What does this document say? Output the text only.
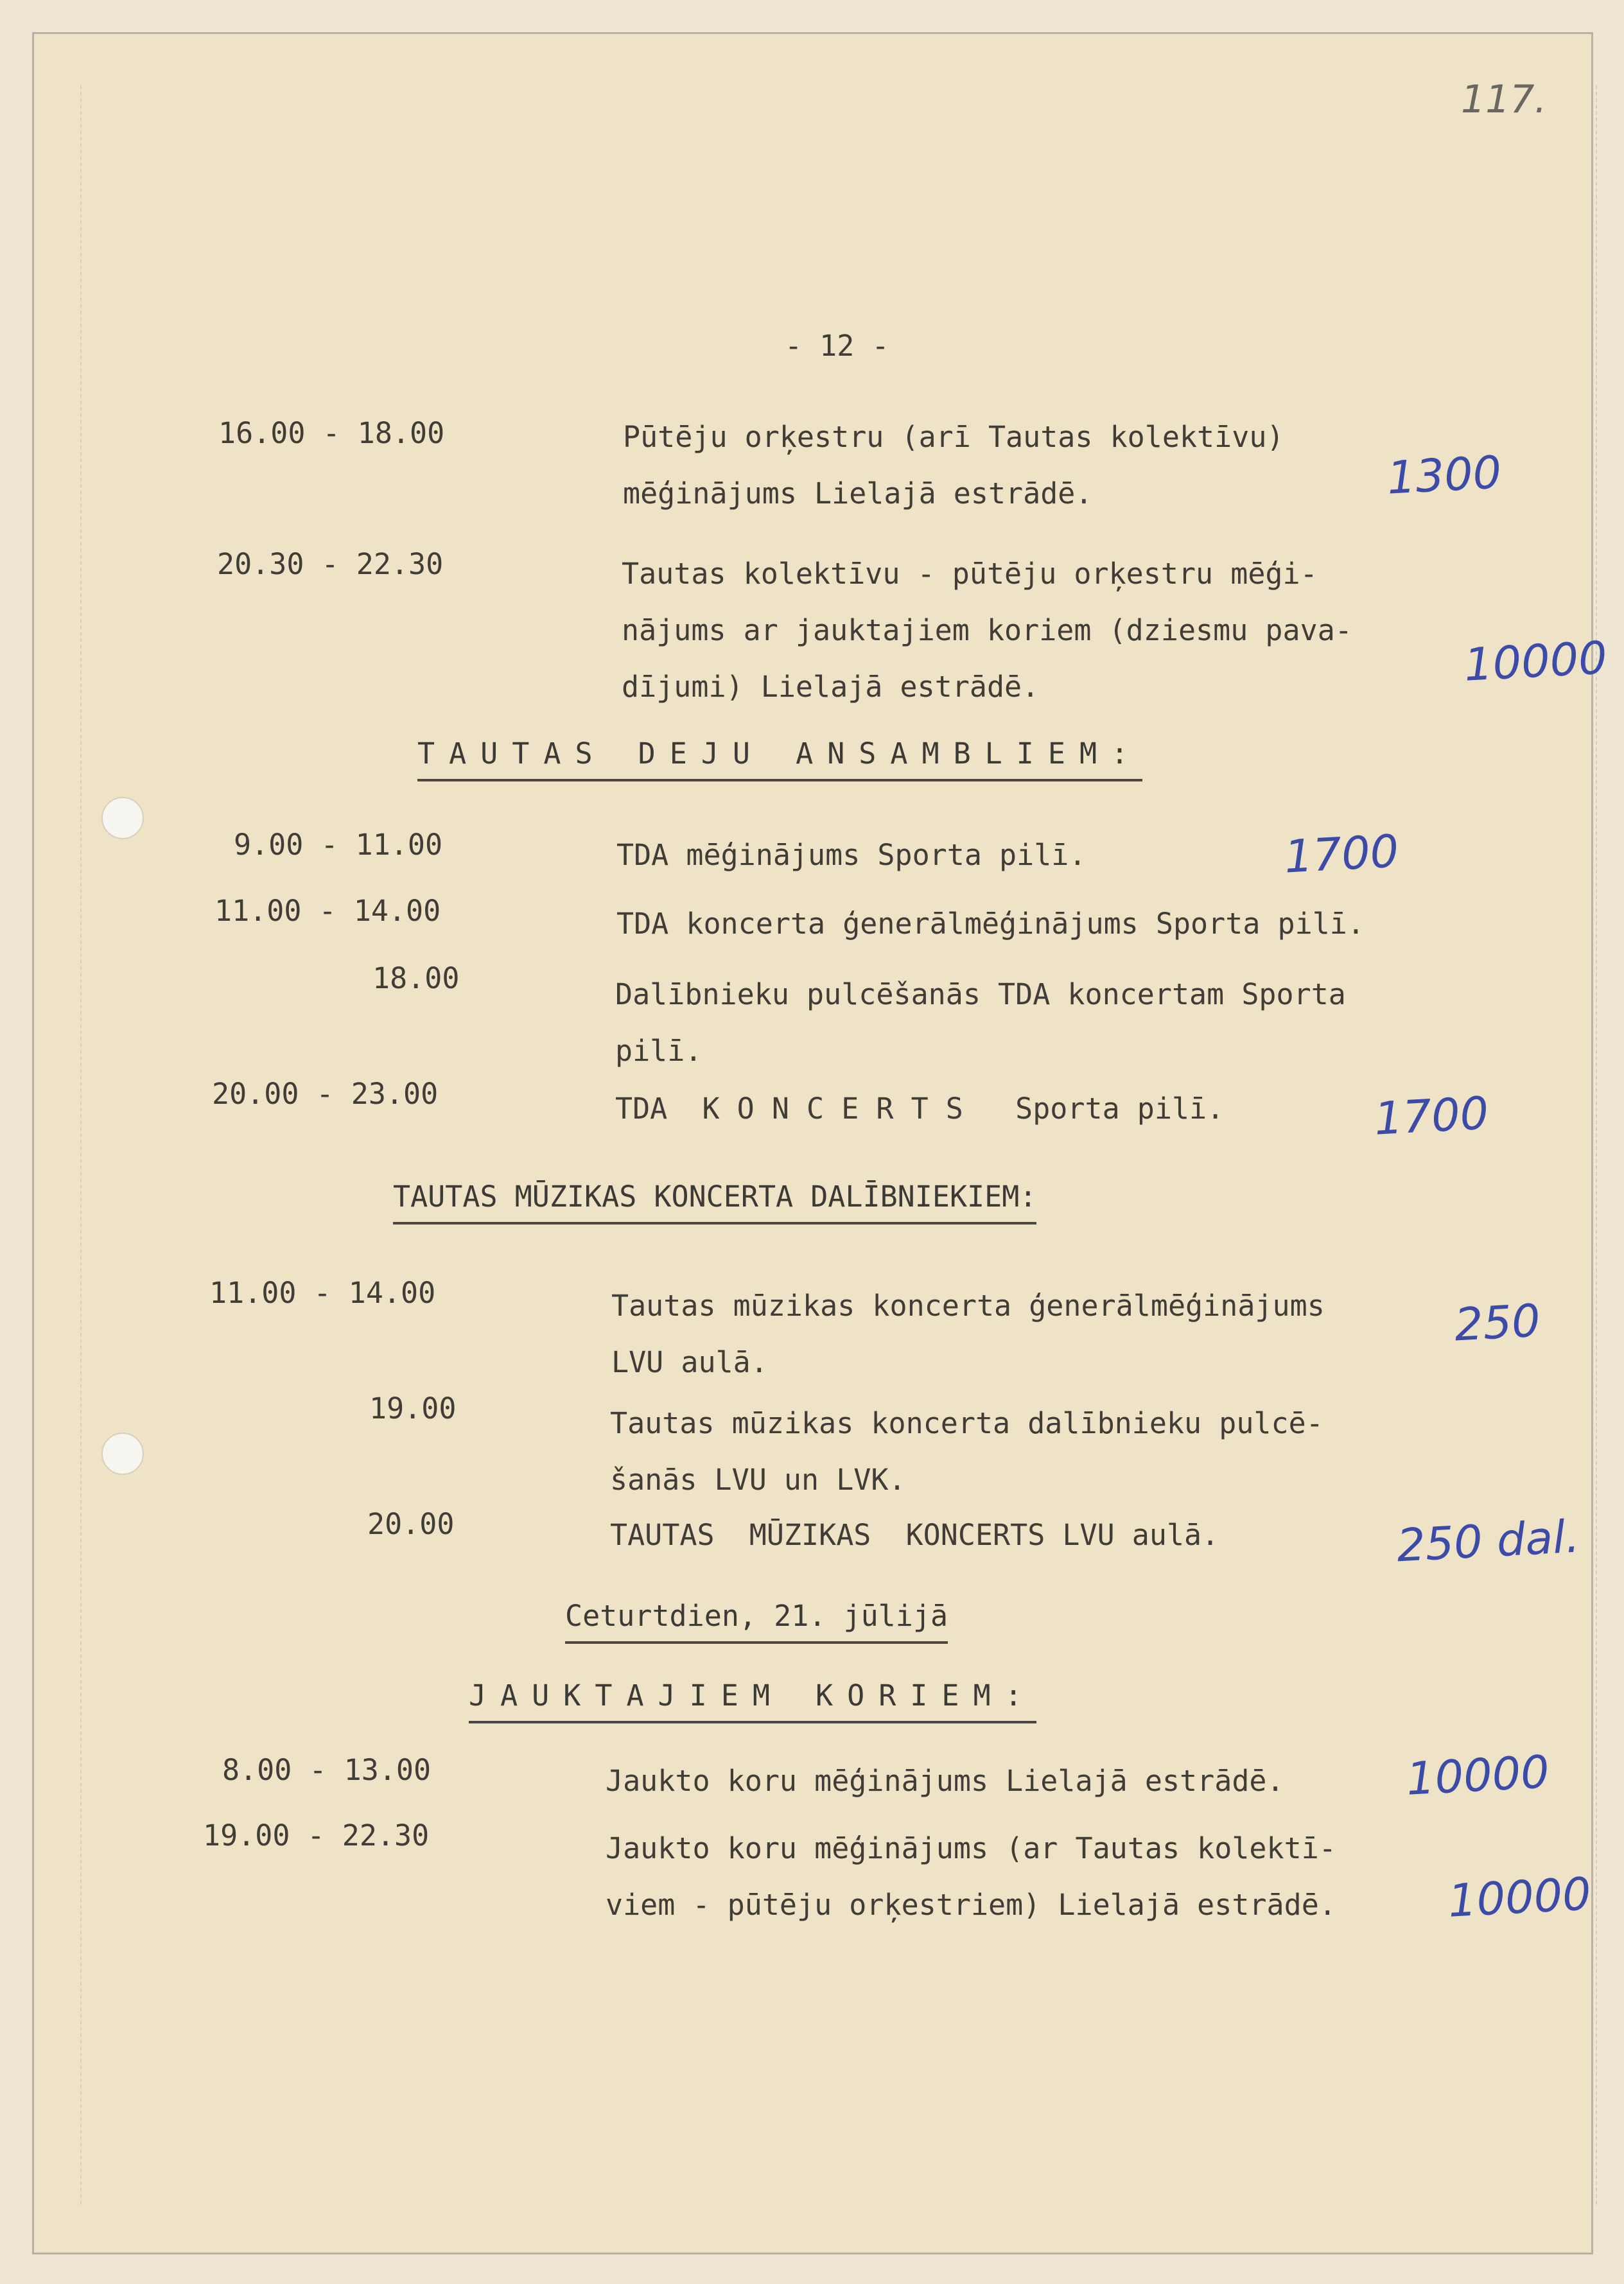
117.
- 12 -
16.00 - 18.00	Pūtēju orķestru (arī Tautas kolektīvu)
mēģinājums Lielajā estrādē.	1300
20.30 - 22.30	Tautas kolektīvu - pūtēju orķestru mēģi-
nājums ar jauktajiem koriem (dziesmu pava-
dījumi) Lielajā estrādē.	10000
TAUTAS DEJU ANSAMBLIEM:
9.00 - 11.00	TDA mēģinājums Sporta pilī.	1700
11.00 - 14.00	TDA koncerta ģenerālmēģinājums Sporta pilī.
18.00	Dalībnieku pulcēšanās TDA koncertam Sporta
pilī.
20.00 - 23.00	TDA  K O N C E R T S   Sporta pilī.	1700
TAUTAS MŪZIKAS KONCERTA DALĪBNIEKIEM:
11.00 - 14.00	Tautas mūzikas koncerta ģenerālmēģinājums
LVU aulā.
250
19.00	Tautas mūzikas koncerta dalībnieku pulcē-
šanās LVU un LVK.
20.00	TAUTAS  MŪZIKAS  KONCERTS LVU aulā.	250 dal.
Ceturtdien, 21. jūlijā
JAUKTAJIEM KORIEM:
8.00 - 13.00	Jaukto koru mēģinājums Lielajā estrādē.	10000
19.00 - 22.30	Jaukto koru mēģinājums (ar Tautas kolektī-
viem - pūtēju orķestriem) Lielajā estrādē. 10000
